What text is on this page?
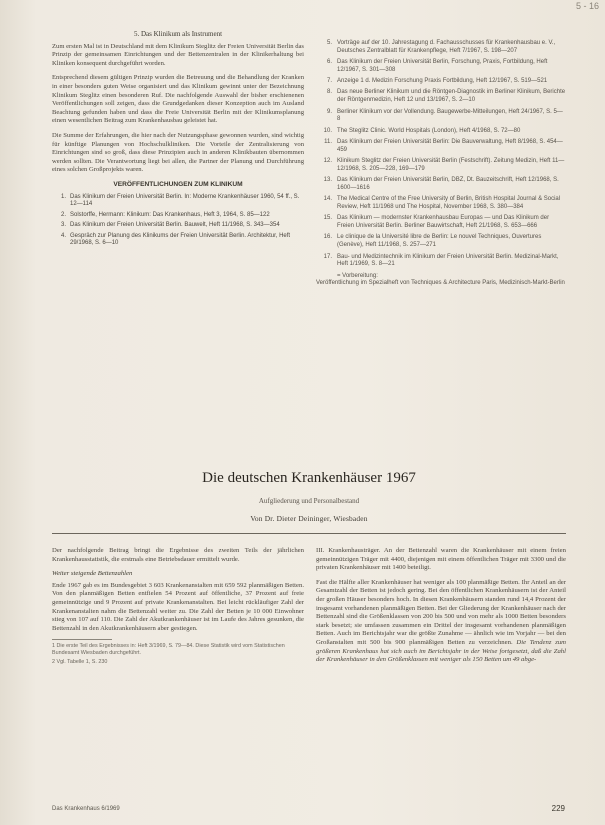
5 - 16
5. Das Klinikum als Instrument

Zum ersten Mal ist in Deutschland mit dem Klinikum Steglitz der Freien Universität Berlin das Prinzip der gemeinsamen Einrichtungen und der Bettenzentralen in der Klinikerhaltung bei Kliniken konsequent durchgeführt worden.

Entsprechend diesem gültigen Prinzip wurden die Betreuung und die Behandlung der Kranken in einer besonders guten Weise organisiert und das Klinikum gewinnt unter der Bezeichnung Klinikum Steglitz einen besonderen Ruf. Die nachfolgende Auswahl der bisher erschienenen Veröffentlichungen soll zeigen, dass die Grundgedanken dieser Konzeption auch im Ausland Beachtung gefunden haben und dass die Freie Universität Berlin mit der Klinikumsplanung einen wesentlichen Beitrag zum Krankenhausbau geleistet hat.

Die Summe der Erfahrungen, die hier nach der Nutzungsphase gewonnen wurden, sind wichtig für künftige Planungen von Hochschulkliniken. Die Vorteile der Zentralisierung von Einrichtungen sind so groß, dass diese Prinzipien auch in anderen Klinikbauten übernommen werden sollten. Die Verantwortung liegt bei allen, die Partner der Planung und Durchführung eines solchen Großprojekts waren.

VERÖFFENTLICHUNGEN ZUM KLINIKUM
1. Das Klinikum der Freien Universität Berlin. In: Moderne Krankenhäuser 1960, 54 ff., S. 12—114
2. Solstorffe, Hermann: Klinikum: Das Krankenhaus, Heft 3, 1964, S. 85—122
3. Das Klinikum der Freien Universität Berlin. Bauwelt, Heft 11/1968, S. 343—354
4. Gespräch zur Planung des Klinikums der Freien Universität Berlin. Architektur, Heft 29/1968, S. 6—10
5. Vorträge auf der 10. Jahrestagung d. Fachausschusses für Krankenhausbau e. V., Deutsches Zentralblatt für Krankenpflege, Heft 7/1967, S. 198—207
6. Das Klinikum der Freien Universität Berlin, Forschung, Praxis, Fortbildung, Heft 12/1967, S. 301—308
7. Anzeige 1 d. Medizin Forschung Praxis Fortbildung, Heft 12/1967, S. 519—521
8. Das neue Berliner Klinikum und die Röntgen-Diagnostik im Berliner Klinikum, Berichte der Röntgenmedizin, Heft 12 und 13/1967, S. 2—10
9. Berliner Klinikum vor der Vollendung. Baugewerbe-Mitteilungen, Heft 24/1967, S. 5—8
10. The Steglitz Clinic. World Hospitals (London), Heft 4/1968, S. 72—80
11. Das Klinikum der Freien Universität Berlin: Die Bauverwaltung, Heft 8/1968, S. 454—459
12. Klinikum Steglitz der Freien Universität Berlin (Festschrift). Zeitung Medizin, Heft 11—12/1968, S. 205—228, 169—179
13. Das Klinikum der Freien Universität Berlin, DBZ, Dt. Bauzeitschrift, Heft 12/1968, S. 1600—1616
14. The Medical Centre of the Free University of Berlin, British Hospital Journal & Social Review, Heft 11/1968 und The Hospital, November 1968, S. 380—384
15. Das Klinikum — modernster Krankenhausbau Europas — und Das Klinikum der Freien Universität Berlin. Berliner Bauwirtschaft, Heft 21/1968, S. 653—666
16. Le clinique de la Université libre de Berlin: Le nouvel Techniques, Ouvertures (Genève), Heft 11/1968, S. 257—271
17. Bau- und Medizintechnik im Klinikum der Freien Universität Berlin. Medizinal-Markt, Heft 1/1969, S. 8—21
= Vorbereitung:
Veröffentlichung im Spezialheft von Techniques & Architecture Paris, Medizinisch-Markt-Berlin
Die deutschen Krankenhäuser 1967
Aufgliederung und Personalbestand
Von Dr. Dieter Deininger, Wiesbaden

Der nachfolgende Beitrag bringt die Ergebnisse des zweiten Teils der jährlichen Krankenhausstatistik, die erstmals eine Betriebsdauer ermittelt wurde.

Weiter steigende Bettenzahlen

Ende 1967 gab es im Bundesgebiet 3 603 Krankenanstalten mit 659 592 planmäßigen Betten. Von den planmäßigen Betten entfielen 54 Prozent auf öffentliche, 37 Prozent auf freie gemeinnützige und 9 Prozent auf private Krankenanstalten. Bei leicht rückläufiger Zahl der Krankenanstalten nahm die Bettenzahl weiter zu. Die Zahl der Betten je 10 000 Einwohner stieg von 107 auf 110. Die Zahl der Akutkrankenhäuser ist im Laufe des Jahres gesunken, die Bettenzahl in den Akutkrankenhäusern aber gestiegen.

1 Die erste Teil des Ergebnisses in: Heft 3/1969, S. 79—84. Diese Statistik wird vom Statistischen Bundesamt Wiesbaden durchgeführt.

2 Vgl. Tabelle 1, S. 230

III. Krankenhausträger. An der Bettenzahl waren die Krankenhäuser mit einem freien gemeinnützigen Träger mit 4400, diejenigen mit einem öffentlichen Träger mit 3300 und die privaten Krankenhäuser mit 1400 beteiligt.

Fast die Hälfte aller Krankenhäuser hat weniger als 100 planmäßige Betten. Ihr Anteil an der Gesamtzahl der Betten ist jedoch gering. Bei den öffentlichen Krankenhäusern ist der Anteil der großen Häuser besonders hoch. In diesen Krankenhäusern standen rund 14,4 Prozent der insgesamt vorhandenen planmäßigen Betten. Bei der Gliederung der Krankenhäuser nach der Bettenzahl sind die Größenklassen von 200 bis 500 und von mehr als 1000 Betten besonders stark besetzt; sie umfassen zusammen ein Drittel der insgesamt vorhandenen planmäßigen Betten. Auch im Berichtsjahr war die größte Zunahme — ähnlich wie im Vorjahr — bei den Großanstalten mit 500 bis 900 planmäßigen Betten zu verzeichnen. Die Tendenz zum größeren Krankenhaus hat sich auch im Berichtsjahr in der Weise fortgesetzt, daß die Zahl der Krankenhäuser in den Größenklassen mit weniger als 150 Betten um 49 abge-

Das Krankenhaus 6/1969	229
